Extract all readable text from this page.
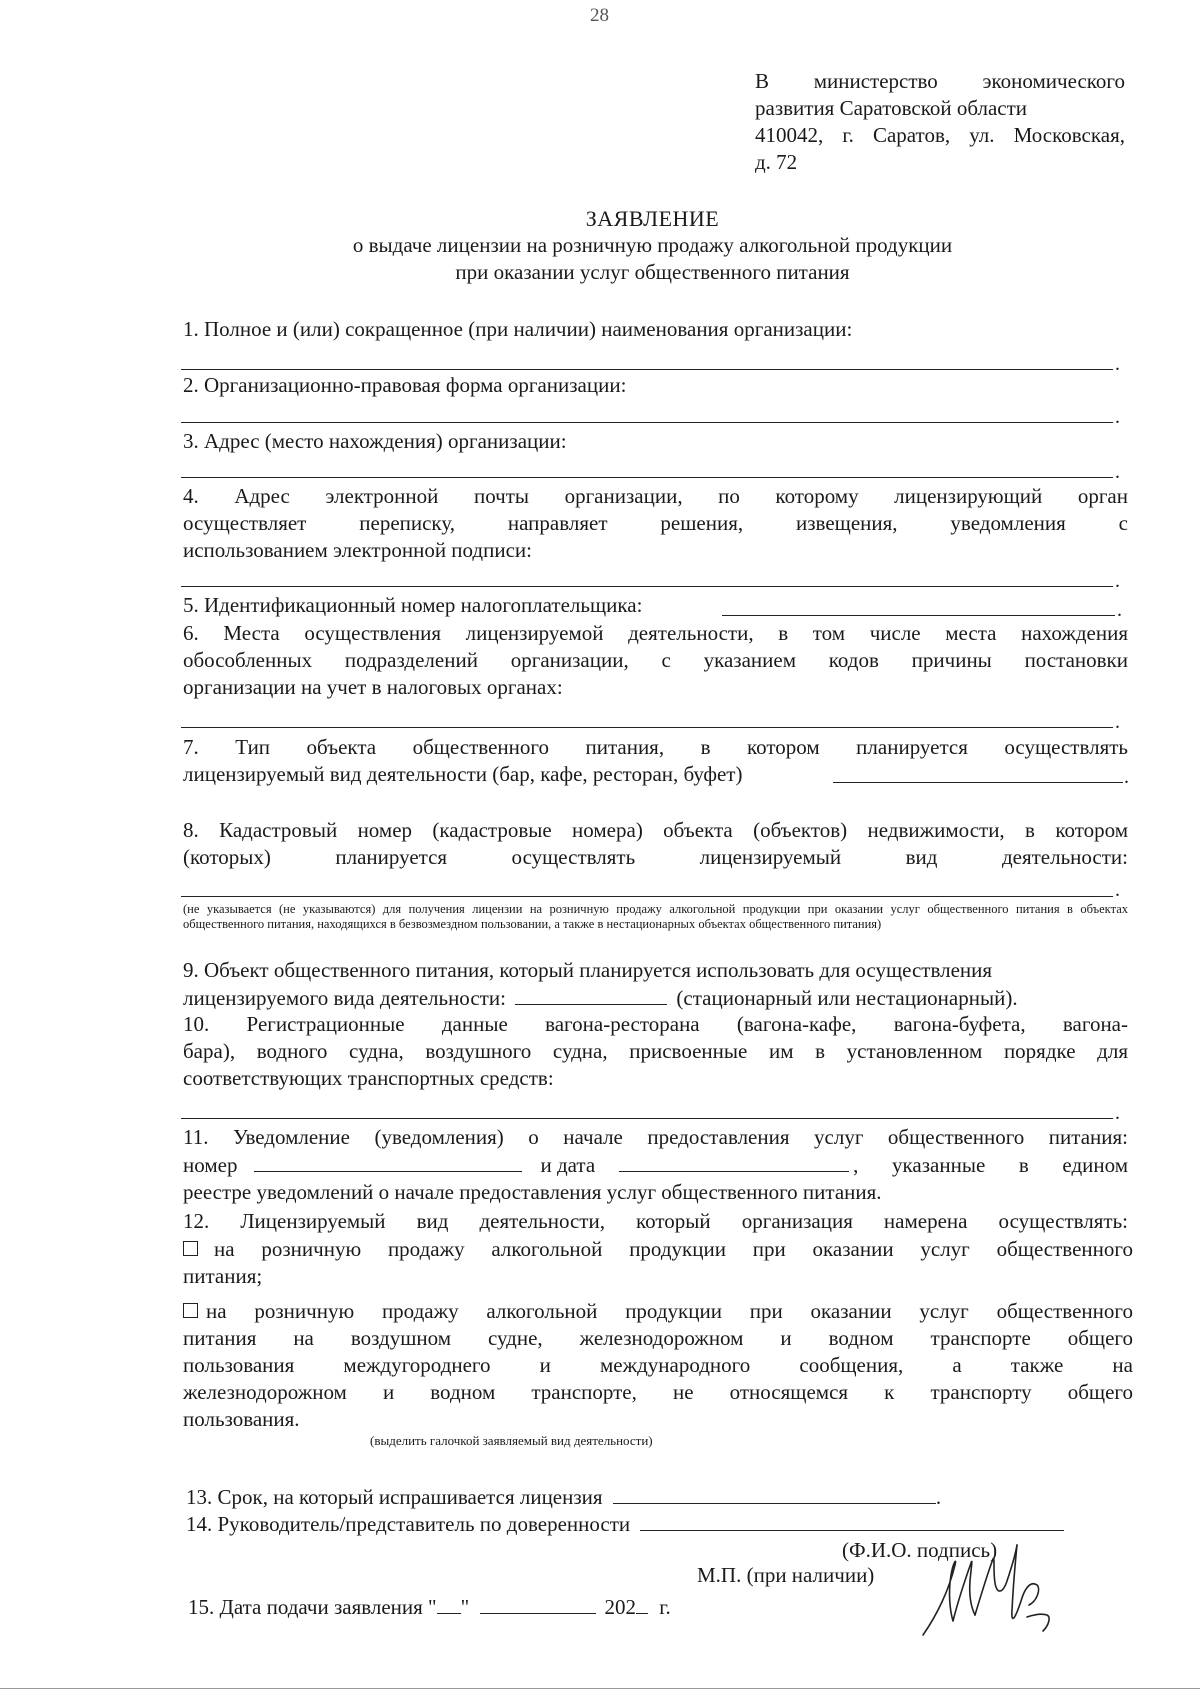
28
В министерство экономического
развития Саратовской области
410042, г. Саратов, ул. Московская,
д. 72
ЗАЯВЛЕНИЕ
о выдаче лицензии на розничную продажу алкогольной продукции
при оказании услуг общественного питания
1. Полное и (или) сокращенное (при наличии) наименования организации:
.
2. Организационно-правовая форма организации:
.
3. Адрес (место нахождения) организации:
.
4. Адрес электронной почты организации, по которому лицензирующий орган
осуществляет переписку, направляет решения, извещения, уведомления с
использованием электронной подписи:
.
5. Идентификационный номер налогоплательщика:	.
6. Места осуществления лицензируемой деятельности, в том числе места нахождения
обособленных подразделений организации, с указанием кодов причины постановки
организации на учет в налоговых органах:
.
7. Тип объекта общественного питания, в котором планируется осуществлять
лицензируемый вид деятельности (бар, кафе, ресторан, буфет)	.
8. Кадастровый номер (кадастровые номера) объекта (объектов) недвижимости, в котором
(которых) планируется осуществлять лицензируемый вид деятельности:
.
(не указывается (не указываются) для получения лицензии на розничную продажу алкогольной продукции при оказании услуг общественного питания в объектах общественного питания, находящихся в безвозмездном пользовании, а также в нестационарных объектах общественного питания)
9. Объект общественного питания, который планируется использовать для осуществления
лицензируемого вида деятельности:	(стационарный или нестационарный).
10. Регистрационные данные вагона-ресторана (вагона-кафе, вагона-буфета, вагона-
бара), водного судна, воздушного судна, присвоенные им в установленном порядке для
соответствующих транспортных средств:
.
11. Уведомление (уведомления) о начале предоставления услуг общественного питания:
номер	и дата	, указанные в едином
реестре уведомлений о начале предоставления услуг общественного питания.
12. Лицензируемый вид деятельности, который организация намерена осуществлять:
на розничную продажу алкогольной продукции при оказании услуг общественного
питания;
на розничную продажу алкогольной продукции при оказании услуг общественного
питания на воздушном судне, железнодорожном и водном транспорте общего
пользования междугороднего и международного сообщения, а также на
железнодорожном и водном транспорте, не относящемся к транспорту общего
пользования.
(выделить галочкой заявляемый вид деятельности)
13. Срок, на который испрашивается лицензия	.
14. Руководитель/представитель по доверенности
(Ф.И.О. подпись)
М.П. (при наличии)
15. Дата подачи заявления " "	202 г.
